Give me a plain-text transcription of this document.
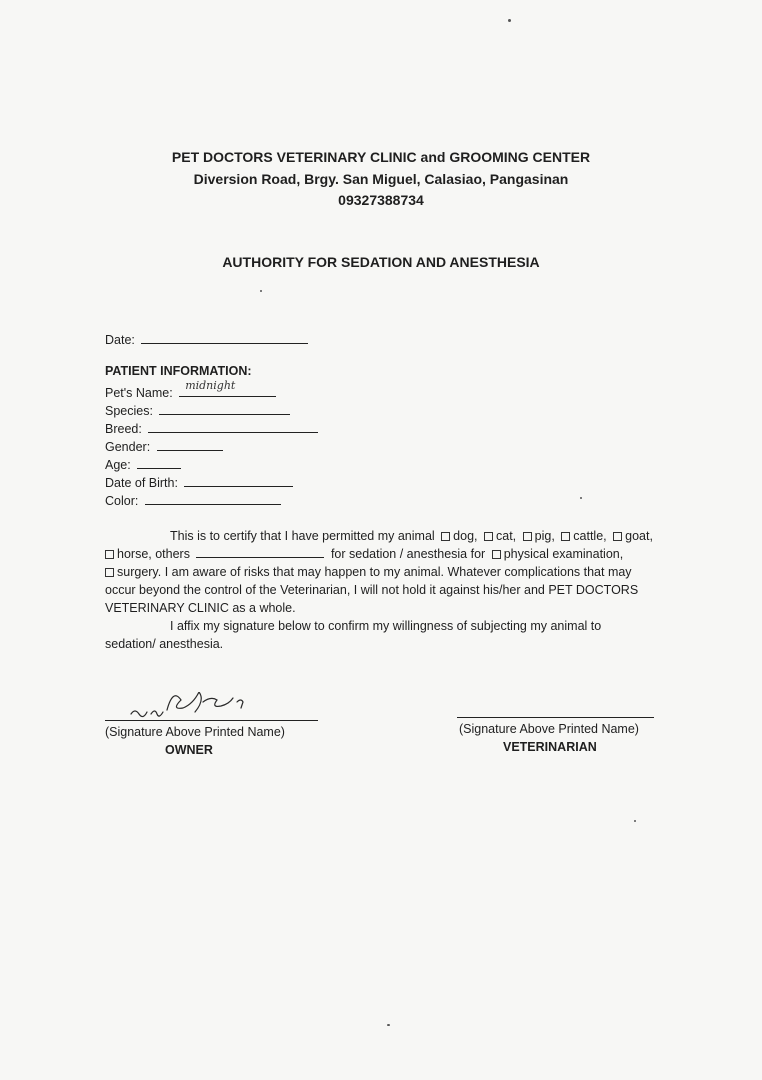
PET DOCTORS VETERINARY CLINIC and GROOMING CENTER
Diversion Road, Brgy. San Miguel, Calasiao, Pangasinan
09327388734
AUTHORITY FOR SEDATION AND ANESTHESIA
Date:
PATIENT INFORMATION:
Pet's Name:
midnight
Species:
Breed:
Gender:
Age:
Date of Birth:
Color:
This is to certify that I have permitted my animal dog, cat, pig, cattle, goat,
horse, others	for sedation / anesthesia for physical examination,
surgery. I am aware of risks that may happen to my animal. Whatever complications that may
occur beyond the control of the Veterinarian, I will not hold it against his/her and PET DOCTORS
VETERINARY CLINIC as a whole.
I affix my signature below to confirm my willingness of subjecting my animal to
sedation/ anesthesia.
(Signature Above Printed Name)
OWNER
(Signature Above Printed Name)
VETERINARIAN
